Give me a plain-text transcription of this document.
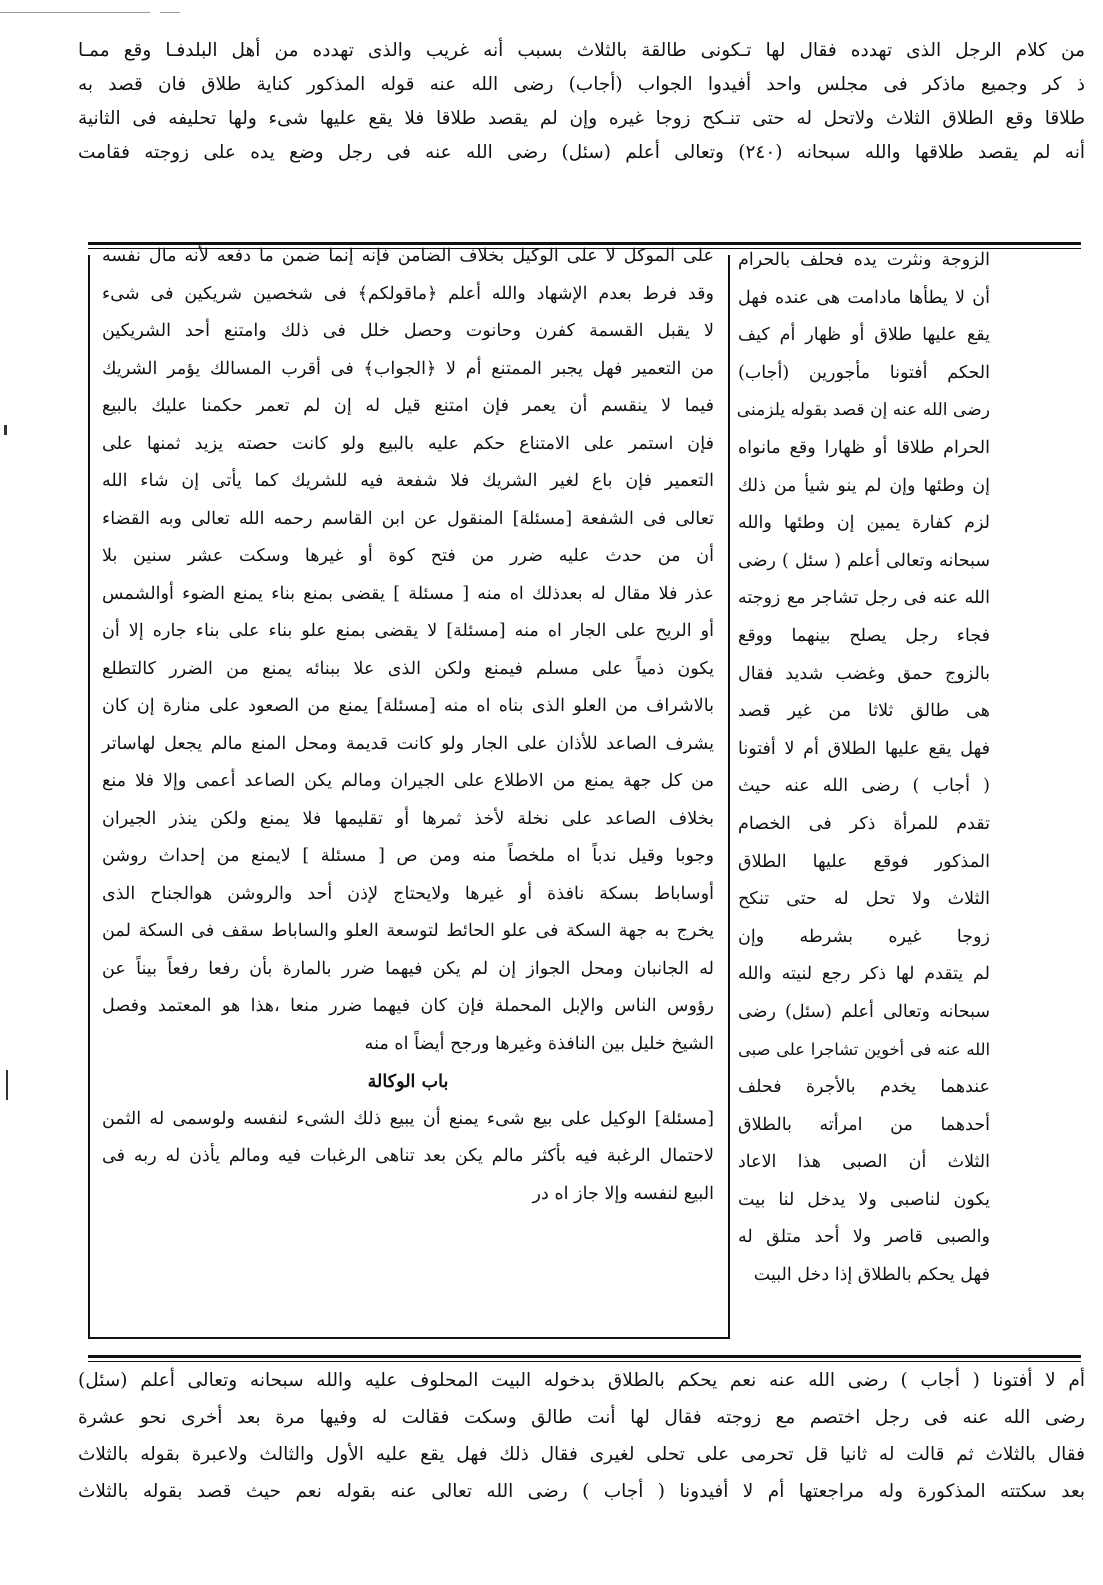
من كلام الرجل الذى تهدده فقال لها تـكونى طالقة بالثلاث بسبب أنه غريب والذى تهدده من أهل البلدفـا وقع ممـا
ذ كر وجميع ماذكر فى مجلس واحد أفيدوا الجواب (أجاب) رضى الله عنه قوله المذكور كناية طلاق فان قصد به
طلاقا وقع الطلاق الثلاث ولاتحل له حتى تنـكح زوجا غيره وإن لم يقصد طلاقا فلا يقع عليها شىء ولها تحليفه فى الثانية
أنه لم يقصد طلاقها والله سبحانه (٢٤٠) وتعالى أعلم (سئل) رضى الله عنه فى رجل وضع يده على زوجته فقامت
على الموكل لا على الوكيل بخلاف الضامن فإنه إنما ضمن ما دفعه لأنه مال نفسه
وقد فرط بعدم الإشهاد والله أعلم ﴿ماقولكم﴾ فى شخصين شريكين فى شىء
لا يقبل القسمة كفرن وحانوت وحصل خلل فى ذلك وامتنع أحد الشريكين
من التعمير فهل يجبر الممتنع أم لا ﴿الجواب﴾ فى أقرب المسالك يؤمر الشريك
فيما لا ينقسم أن يعمر فإن امتنع قيل له إن لم تعمر حكمنا عليك بالبيع
فإن استمر على الامتناع حكم عليه بالبيع ولو كانت حصته يزيد ثمنها على
التعمير فإن باع لغير الشريك فلا شفعة فيه للشريك كما يأتى إن شاء الله
تعالى فى الشفعة [مسئلة] المنقول عن ابن القاسم رحمه الله تعالى وبه القضاء
أن من حدث عليه ضرر من فتح كوة أو غيرها وسكت عشر سنين بلا
عذر فلا مقال له بعدذلك اه منه [ مسئلة ] يقضى بمنع بناء يمنع الضوء أوالشمس
أو الريح على الجار اه منه [مسئلة] لا يقضى بمنع علو بناء على بناء جاره إلا أن
يكون ذمياً على مسلم فيمنع ولكن الذى علا ببنائه يمنع من الضرر كالتطلع
بالاشراف من العلو الذى بناه اه منه [مسئلة] يمنع من الصعود على منارة إن كان
يشرف الصاعد للأذان على الجار ولو كانت قديمة ومحل المنع مالم يجعل لهاساتر
من كل جهة يمنع من الاطلاع على الجيران ومالم يكن الصاعد أعمى وإلا فلا منع
بخلاف الصاعد على نخلة لأخذ ثمرها أو تقليمها فلا يمنع ولكن ينذر الجيران
وجوبا وقيل ندباً اه ملخصاً منه ومن ص [ مسئلة ] لايمنع من إحداث روشن
أوساباط بسكة نافذة أو غيرها ولايحتاج لإذن أحد والروشن هوالجناح الذى
يخرج به جهة السكة فى علو الحائط لتوسعة العلو والساباط سقف فى السكة لمن
له الجانبان ومحل الجواز إن لم يكن فيهما ضرر بالمارة بأن رفعا رفعاً بيناً عن
رؤوس الناس والإبل المحملة فإن كان فيهما ضرر منعا ،هذا هو المعتمد وفصل
الشيخ خليل بين النافذة وغيرها ورجح أيضاً اه منه
باب الوكالة
[مسئلة] الوكيل على بيع شىء يمنع أن يبيع ذلك الشىء لنفسه ولوسمى له الثمن
لاحتمال الرغبة فيه بأكثر مالم يكن بعد تناهى الرغبات فيه ومالم يأذن له ربه فى
البيع لنفسه وإلا جاز اه در
الزوجة ونثرت يده فحلف بالحرام
أن لا يطأها مادامت هى عنده فهل
يقع عليها طلاق أو ظهار أم كيف
الحكم أفتونا مأجورين (أجاب)
رضى الله عنه إن قصد بقوله يلزمنى
الحرام طلاقا أو ظهارا وقع مانواه
إن وطئها وإن لم ينو شيأ من ذلك
لزم كفارة يمين إن وطئها والله
سبحانه وتعالى أعلم ( سئل ) رضى
الله عنه فى رجل تشاجر مع زوجته
فجاء رجل يصلح بينهما ووقع
بالزوج حمق وغضب شديد فقال
هى طالق ثلاثا من غير قصد
فهل يقع عليها الطلاق أم لا أفتونا
( أجاب ) رضى الله عنه حيث
تقدم للمرأة ذكر فى الخصام
المذكور فوقع عليها الطلاق
الثلاث ولا تحل له حتى تنكح
زوجا غيره بشرطه وإن
لم يتقدم لها ذكر رجع لنيته والله
سبحانه وتعالى أعلم (سئل) رضى
الله عنه فى أخوين تشاجرا على صبى
عندهما يخدم بالأجرة فحلف
أحدهما من امرأته بالطلاق
الثلاث أن الصبى هذا الاعاد
يكون لناصبى ولا يدخل لنا بيت
والصبى قاصر ولا أحد متلق له
فهل يحكم بالطلاق إذا دخل البيت
أم لا أفتونا ( أجاب ) رضى الله عنه نعم يحكم بالطلاق بدخوله البيت المحلوف عليه والله سبحانه وتعالى أعلم (سئل)
رضى الله عنه فى رجل اختصم مع زوجته فقال لها أنت طالق وسكت فقالت له وفيها مرة بعد أخرى نحو عشرة
فقال بالثلاث ثم قالت له ثانيا قل تحرمى على تحلى لغيرى فقال ذلك فهل يقع عليه الأول والثالث ولاعبرة بقوله بالثلاث
بعد سكتته المذكورة وله مراجعتها أم لا أفيدونا ( أجاب ) رضى الله تعالى عنه بقوله نعم حيث قصد بقوله بالثلاث
